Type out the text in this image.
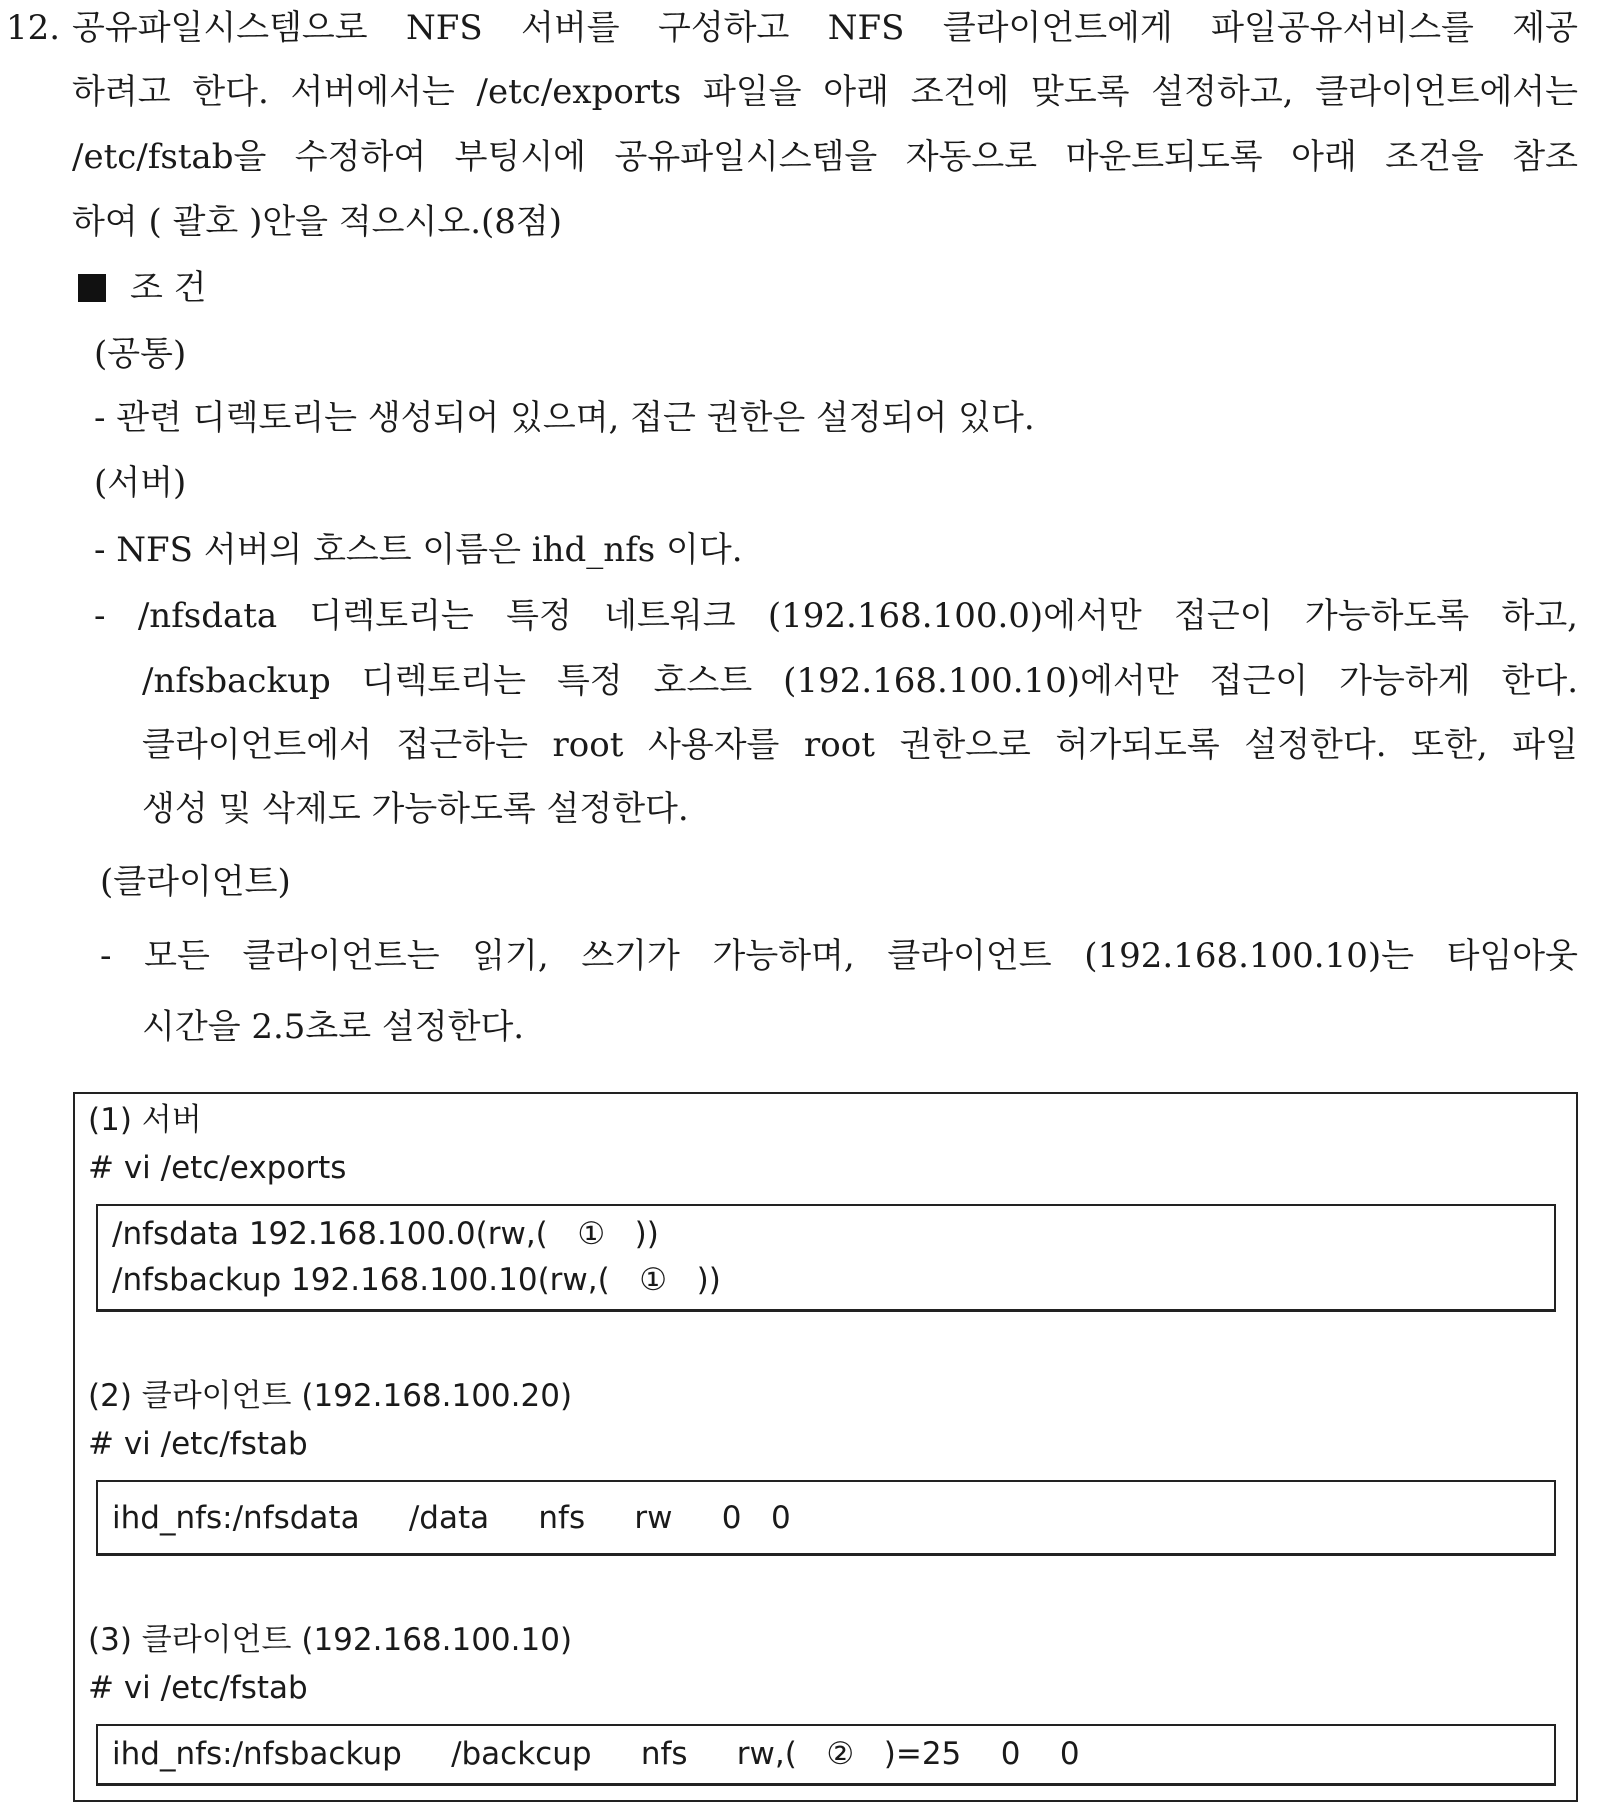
12. 공유파일시스템으로 NFS 서버를 구성하고 NFS 클라이언트에게 파일공유서비스를 제공
하려고 한다. 서버에서는 /etc/exports 파일을 아래 조건에 맞도록 설정하고, 클라이언트에서는
/etc/fstab을 수정하여 부팅시에 공유파일시스템을 자동으로 마운트되도록 아래 조건을 참조
하여 ( 괄호 )안을 적으시오.(8점)
조 건
(공통)
- 관련 디렉토리는 생성되어 있으며, 접근 권한은 설정되어 있다.
(서버)
- NFS 서버의 호스트 이름은 ihd_nfs 이다.
- /nfsdata 디렉토리는 특정 네트워크 (192.168.100.0)에서만 접근이 가능하도록 하고,
/nfsbackup 디렉토리는 특정 호스트 (192.168.100.10)에서만 접근이 가능하게 한다.
클라이언트에서 접근하는 root 사용자를 root 권한으로 허가되도록 설정한다. 또한, 파일
생성 및 삭제도 가능하도록 설정한다.
(클라이언트)
- 모든 클라이언트는 읽기, 쓰기가 가능하며, 클라이언트 (192.168.100.10)는 타임아웃
시간을 2.5초로 설정한다.
(1) 서버
# vi /etc/exports
/nfsdata 192.168.100.0(rw,(   ①   ))
/nfsbackup 192.168.100.10(rw,(   ①   ))
(2) 클라이언트 (192.168.100.20)
# vi /etc/fstab
ihd_nfs:/nfsdata     /data     nfs     rw     0   0
(3) 클라이언트 (192.168.100.10)
# vi /etc/fstab
ihd_nfs:/nfsbackup     /backcup     nfs     rw,(   ②   )=25    0    0
